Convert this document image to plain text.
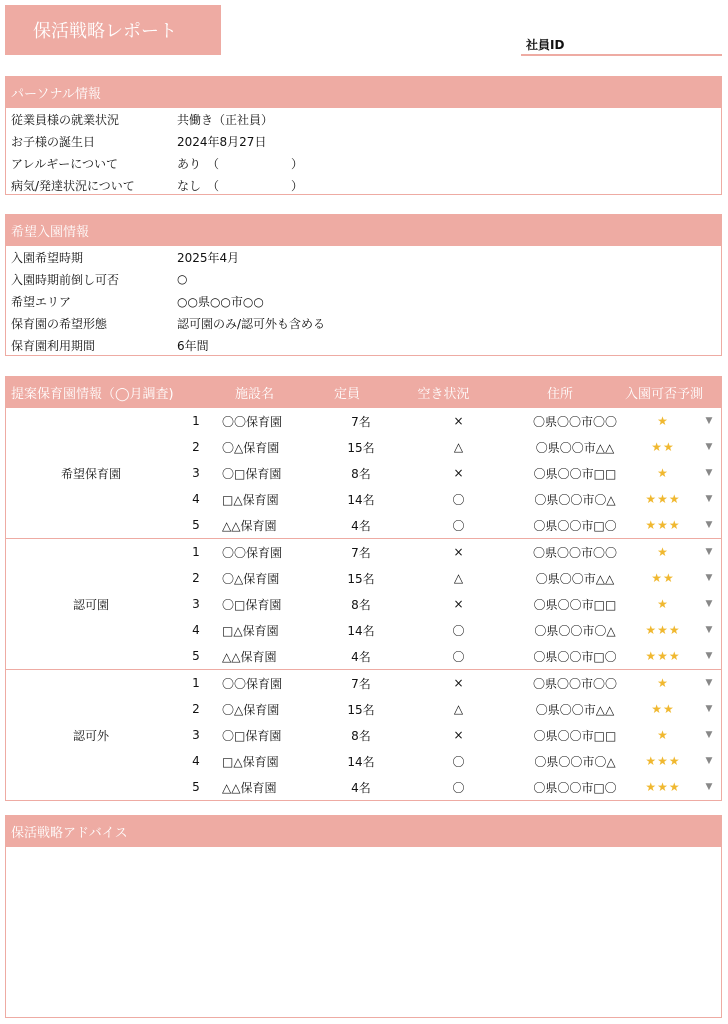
保活戦略レポート
社員ID
パーソナル情報
従業員様の就業状況	共働き（正社員）
お子様の誕生日	2024年8月27日
アレルギーについて	あり　（　　　　　　）
病気/発達状況について	なし　（　　　　　　）
希望入園情報
入園希望時期	2025年4月
入園時期前倒し可否	○
希望エリア	○○県○○市○○
保育園の希望形態	認可園のみ/認可外も含める
保育園利用期間	6年間
提案保育園情報（◯月調査)	施設名	定員	空き状況	住所	入園可否予測
希望保育園
1	〇〇保育園	7名	×	〇県〇〇市〇〇	★	▼
2	〇△保育園	15名	△	〇県〇〇市△△	★★	▼
3	〇□保育園	8名	×	〇県〇〇市□□	★	▼
4	□△保育園	14名	〇	〇県〇〇市〇△	★★★	▼
5	△△保育園	4名	〇	〇県〇〇市□〇	★★★	▼
認可園
1	〇〇保育園	7名	×	〇県〇〇市〇〇	★	▼
2	〇△保育園	15名	△	〇県〇〇市△△	★★	▼
3	〇□保育園	8名	×	〇県〇〇市□□	★	▼
4	□△保育園	14名	〇	〇県〇〇市〇△	★★★	▼
5	△△保育園	4名	〇	〇県〇〇市□〇	★★★	▼
認可外
1	〇〇保育園	7名	×	〇県〇〇市〇〇	★	▼
2	〇△保育園	15名	△	〇県〇〇市△△	★★	▼
3	〇□保育園	8名	×	〇県〇〇市□□	★	▼
4	□△保育園	14名	〇	〇県〇〇市〇△	★★★	▼
5	△△保育園	4名	〇	〇県〇〇市□〇	★★★	▼
保活戦略アドバイス
